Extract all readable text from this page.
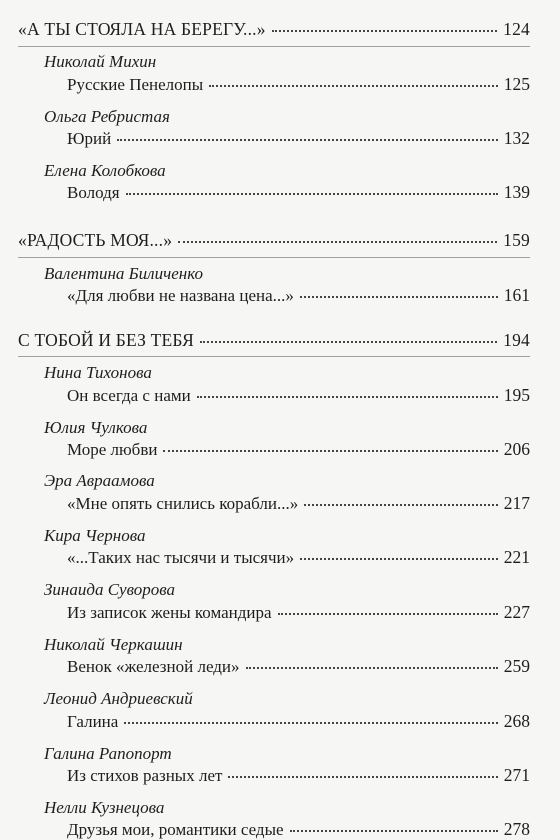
«А ТЫ СТОЯЛА НА БЕРЕГУ...»	124
Николай Михин
Русские Пенелопы	125
Ольга Ребристая
Юрий	132
Елена Колобкова
Володя	139
«РАДОСТЬ МОЯ...»	159
Валентина Биличенко
«Для любви не названа цена...»	161
С ТОБОЙ И БЕЗ ТЕБЯ	194
Нина Тихонова
Он всегда с нами	195
Юлия Чулкова
Море любви	206
Эра Авраамова
«Мне опять снились корабли...»	217
Кира Чернова
«...Таких нас тысячи и тысячи»	221
Зинаида Суворова
Из записок жены командира	227
Николай Черкашин
Венок «железной леди»	259
Леонид Андриевский
Галина	268
Галина Рапопорт
Из стихов разных лет	271
Нелли Кузнецова
Друзья мои, романтики седые	278
